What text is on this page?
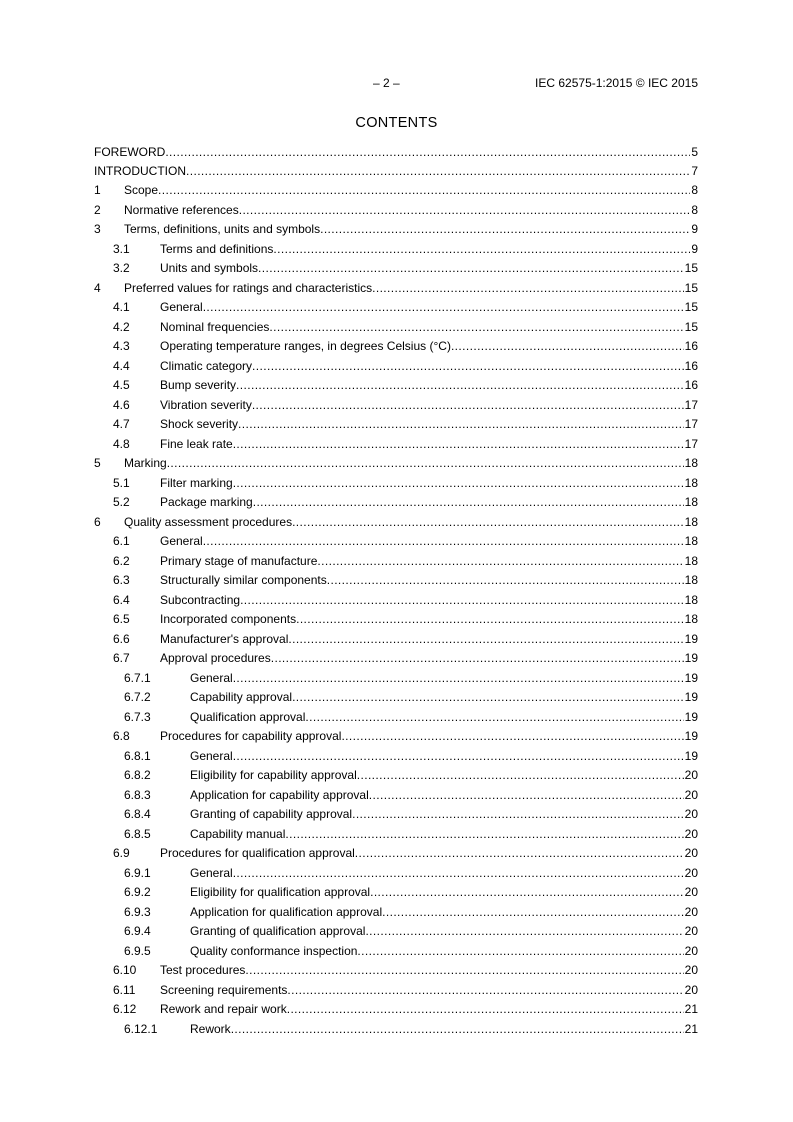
– 2 –	IEC 62575-1:2015 © IEC 2015
CONTENTS
FOREWORD .....	5
INTRODUCTION .....	7
1	Scope .....	8
2	Normative references .....	8
3	Terms, definitions, units and symbols .....	9
3.1	Terms and definitions .....	9
3.2	Units and symbols .....	15
4	Preferred values for ratings and characteristics .....	15
4.1	General .....	15
4.2	Nominal frequencies .....	15
4.3	Operating temperature ranges, in degrees Celsius (°C) .....	16
4.4	Climatic category .....	16
4.5	Bump severity .....	16
4.6	Vibration severity .....	17
4.7	Shock severity .....	17
4.8	Fine leak rate .....	17
5	Marking .....	18
5.1	Filter marking .....	18
5.2	Package marking .....	18
6	Quality assessment procedures .....	18
6.1	General .....	18
6.2	Primary stage of manufacture .....	18
6.3	Structurally similar components .....	18
6.4	Subcontracting .....	18
6.5	Incorporated components .....	18
6.6	Manufacturer's approval .....	19
6.7	Approval procedures .....	19
6.7.1	General .....	19
6.7.2	Capability approval .....	19
6.7.3	Qualification approval .....	19
6.8	Procedures for capability approval .....	19
6.8.1	General .....	19
6.8.2	Eligibility for capability approval .....	20
6.8.3	Application for capability approval .....	20
6.8.4	Granting of capability approval .....	20
6.8.5	Capability manual .....	20
6.9	Procedures for qualification approval .....	20
6.9.1	General .....	20
6.9.2	Eligibility for qualification approval .....	20
6.9.3	Application for qualification approval .....	20
6.9.4	Granting of qualification approval .....	20
6.9.5	Quality conformance inspection .....	20
6.10	Test procedures .....	20
6.11	Screening requirements .....	20
6.12	Rework and repair work .....	21
6.12.1	Rework .....	21
